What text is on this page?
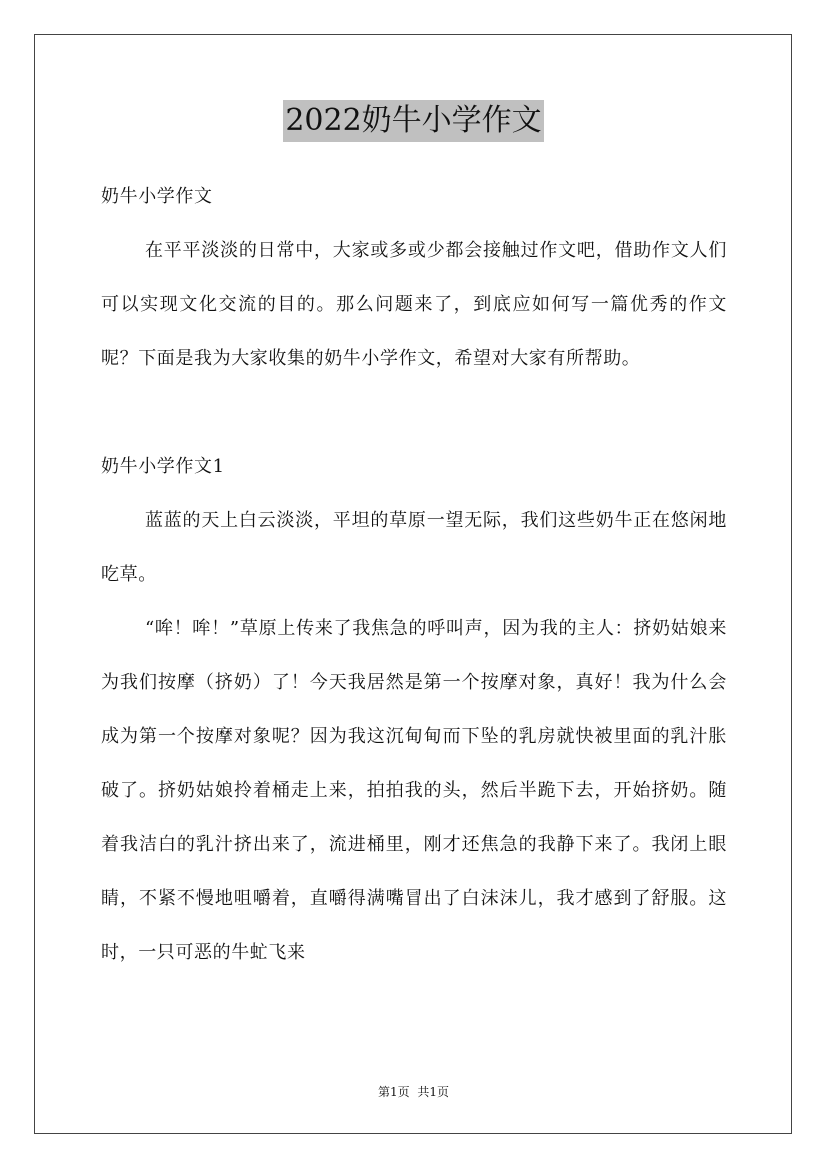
2022奶牛小学作文

奶牛小学作文

在平平淡淡的日常中，大家或多或少都会接触过作文吧，借助作文人们可以实现文化交流的目的。那么问题来了，到底应如何写一篇优秀的作文呢？下面是我为大家收集的奶牛小学作文，希望对大家有所帮助。

奶牛小学作文1

蓝蓝的天上白云淡淡，平坦的草原一望无际，我们这些奶牛正在悠闲地吃草。

“哞！哞！”草原上传来了我焦急的呼叫声，因为我的主人：挤奶姑娘来为我们按摩（挤奶）了！今天我居然是第一个按摩对象，真好！我为什么会成为第一个按摩对象呢？因为我这沉甸甸而下坠的乳房就快被里面的乳汁胀破了。挤奶姑娘拎着桶走上来，拍拍我的头，然后半跪下去，开始挤奶。随着我洁白的乳汁挤出来了，流进桶里，刚才还焦急的我静下来了。我闭上眼睛，不紧不慢地咀嚼着，直嚼得满嘴冒出了白沫沫儿，我才感到了舒服。这时，一只可恶的牛虻飞来

第1页 共1页
